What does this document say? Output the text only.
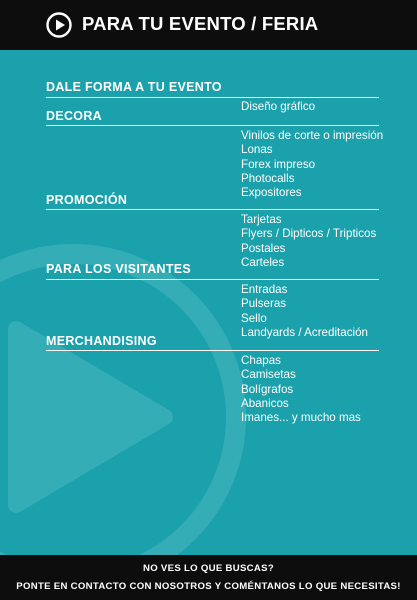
PARA TU EVENTO / FERIA
DALE FORMA A TU EVENTO
DECORA
Diseño gráfico
Vinilos de corte o impresión
Lonas
Forex impreso
Photocalls
Expositores
PROMOCIÓN
Tarjetas
Flyers / Dipticos / Tripticos
Postales
Carteles
PARA LOS VISITANTES
Entradas
Pulseras
Sello
Landyards / Acreditación
MERCHANDISING
Chapas
Camisetas
Bolígrafos
Abanicos
Imanes... y mucho mas
NO VES LO QUE BUSCAS?
PONTE EN CONTACTO CON NOSOTROS Y COMÉNTANOS LO QUE NECESITAS!
